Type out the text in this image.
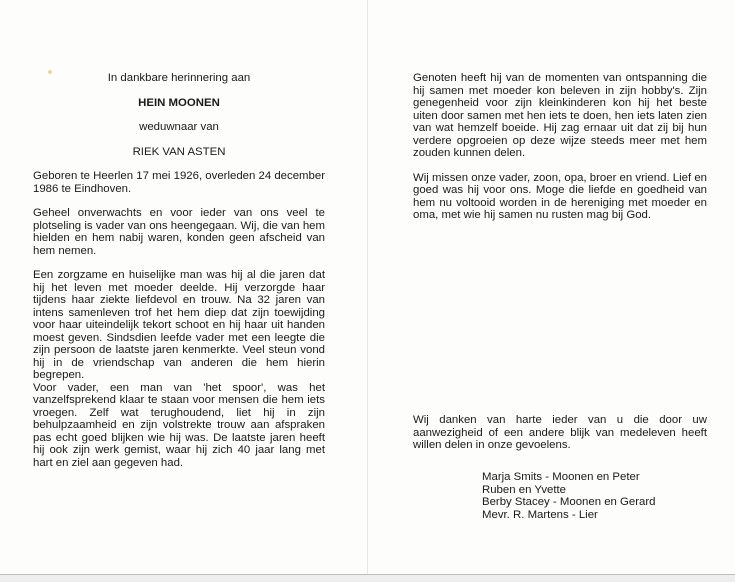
In dankbare herinnering aan
HEIN MOONEN
weduwnaar van
RIEK VAN ASTEN

Geboren te Heerlen 17 mei 1926, overleden 24 december 1986 te Eindhoven.

Geheel onverwachts en voor ieder van ons veel te plotseling is vader van ons heengegaan. Wij, die van hem hielden en hem nabij waren, konden geen afscheid van hem nemen.

Een zorgzame en huiselijke man was hij al die jaren dat hij het leven met moeder deelde. Hij verzorgde haar tijdens haar ziekte liefdevol en trouw. Na 32 jaren van intens samenleven trof het hem diep dat zijn toewijding voor haar uiteindelijk tekort schoot en hij haar uit handen moest geven. Sindsdien leefde vader met een leegte die zijn persoon de laatste jaren kenmerkte. Veel steun vond hij in de vriendschap van anderen die hem hierin begrepen.

Voor vader, een man van 'het spoor', was het vanzelfsprekend klaar te staan voor mensen die hem iets vroegen. Zelf wat terughoudend, liet hij in zijn behulpzaamheid en zijn volstrekte trouw aan afspraken pas echt goed blijken wie hij was. De laatste jaren heeft hij ook zijn werk gemist, waar hij zich 40 jaar lang met hart en ziel aan gegeven had.

Genoten heeft hij van de momenten van ontspanning die hij samen met moeder kon beleven in zijn hobby's. Zijn genegenheid voor zijn kleinkinderen kon hij het beste uiten door samen met hen iets te doen, hen iets laten zien van wat hemzelf boeide. Hij zag ernaar uit dat zij bij hun verdere opgroeien op deze wijze steeds meer met hem zouden kunnen delen.

Wij missen onze vader, zoon, opa, broer en vriend. Lief en goed was hij voor ons. Moge die liefde en goedheid van hem nu voltooid worden in de hereniging met moeder en oma, met wie hij samen nu rusten mag bij God.

Wij danken van harte ieder van u die door uw aanwezigheid of een andere blijk van medeleven heeft willen delen in onze gevoelens.

Marja Smits - Moonen en Peter
Ruben en Yvette
Berby Stacey - Moonen en Gerard
Mevr. R. Martens - Lier
